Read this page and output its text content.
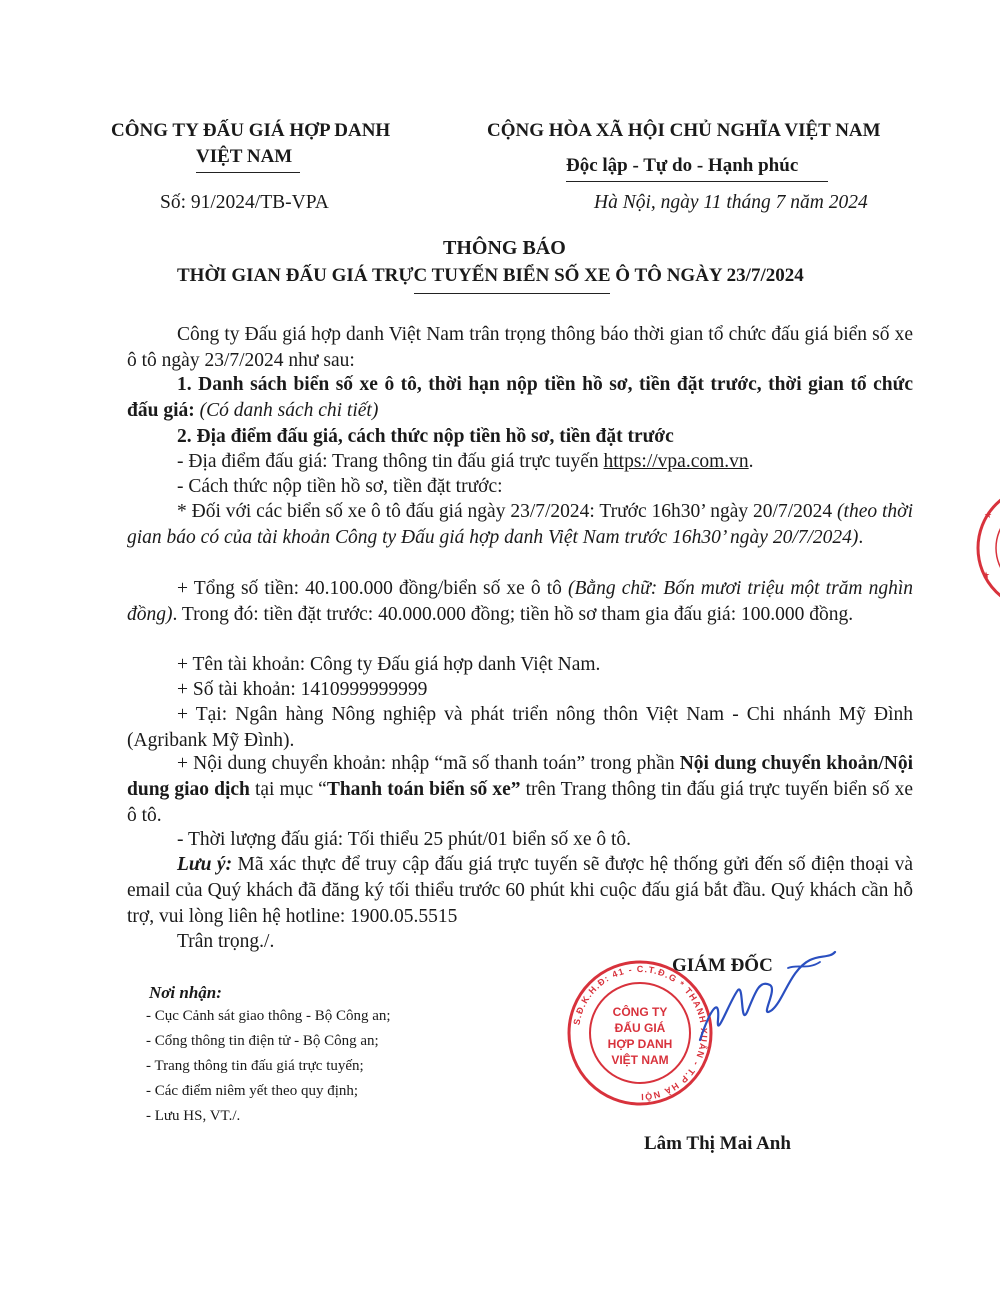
CÔNG TY ĐẤU GIÁ HỢP DANH
VIỆT NAM
Số: 91/2024/TB-VPA
CỘNG HÒA XÃ HỘI CHỦ NGHĨA VIỆT NAM
Độc lập - Tự do - Hạnh phúc
Hà Nội, ngày 11 tháng 7 năm 2024
THÔNG BÁO
THỜI GIAN ĐẤU GIÁ TRỰC TUYẾN BIỂN SỐ XE Ô TÔ NGÀY 23/7/2024
Công ty Đấu giá hợp danh Việt Nam trân trọng thông báo thời gian tổ chức đấu giá biển số xe ô tô ngày 23/7/2024 như sau:
1. Danh sách biển số xe ô tô, thời hạn nộp tiền hồ sơ, tiền đặt trước, thời gian tổ chức đấu giá: (Có danh sách chi tiết)
2. Địa điểm đấu giá, cách thức nộp tiền hồ sơ, tiền đặt trước
- Địa điểm đấu giá: Trang thông tin đấu giá trực tuyến https://vpa.com.vn.
- Cách thức nộp tiền hồ sơ, tiền đặt trước:
* Đối với các biển số xe ô tô đấu giá ngày 23/7/2024: Trước 16h30’ ngày 20/7/2024 (theo thời gian báo có của tài khoản Công ty Đấu giá hợp danh Việt Nam trước 16h30’ ngày 20/7/2024).
+ Tổng số tiền: 40.100.000 đồng/biển số xe ô tô (Bằng chữ: Bốn mươi triệu một trăm nghìn đồng). Trong đó: tiền đặt trước: 40.000.000 đồng; tiền hồ sơ tham gia đấu giá: 100.000 đồng.
+ Tên tài khoản: Công ty Đấu giá hợp danh Việt Nam.
+ Số tài khoản: 1410999999999
+ Tại: Ngân hàng Nông nghiệp và phát triển nông thôn Việt Nam - Chi nhánh Mỹ Đình (Agribank Mỹ Đình).
+ Nội dung chuyển khoản: nhập “mã số thanh toán” trong phần Nội dung chuyển khoản/Nội dung giao dịch tại mục “Thanh toán biển số xe” trên Trang thông tin đấu giá trực tuyến biển số xe ô tô.
- Thời lượng đấu giá: Tối thiểu 25 phút/01 biển số xe ô tô.
Lưu ý: Mã xác thực để truy cập đấu giá trực tuyến sẽ được hệ thống gửi đến số điện thoại và email của Quý khách đã đăng ký tối thiểu trước 60 phút khi cuộc đấu giá bắt đầu. Quý khách cần hỗ trợ, vui lòng liên hệ hotline: 1900.05.5515
Trân trọng./.
Nơi nhận:
- Cục Cảnh sát giao thông - Bộ Công an;
- Cổng thông tin điện tử - Bộ Công an;
- Trang thông tin đấu giá trực tuyến;
- Các điểm niêm yết theo quy định;
- Lưu HS, VT./.
GIÁM ĐỐC
S.Đ.K.H.Đ: 41 - C.T.Đ.G * THANH XUÂN - T.P HÀ NỘI
CÔNG TY
ĐẤU GIÁ
HỢP DANH
VIỆT NAM
Lâm Thị Mai Anh
★
★
